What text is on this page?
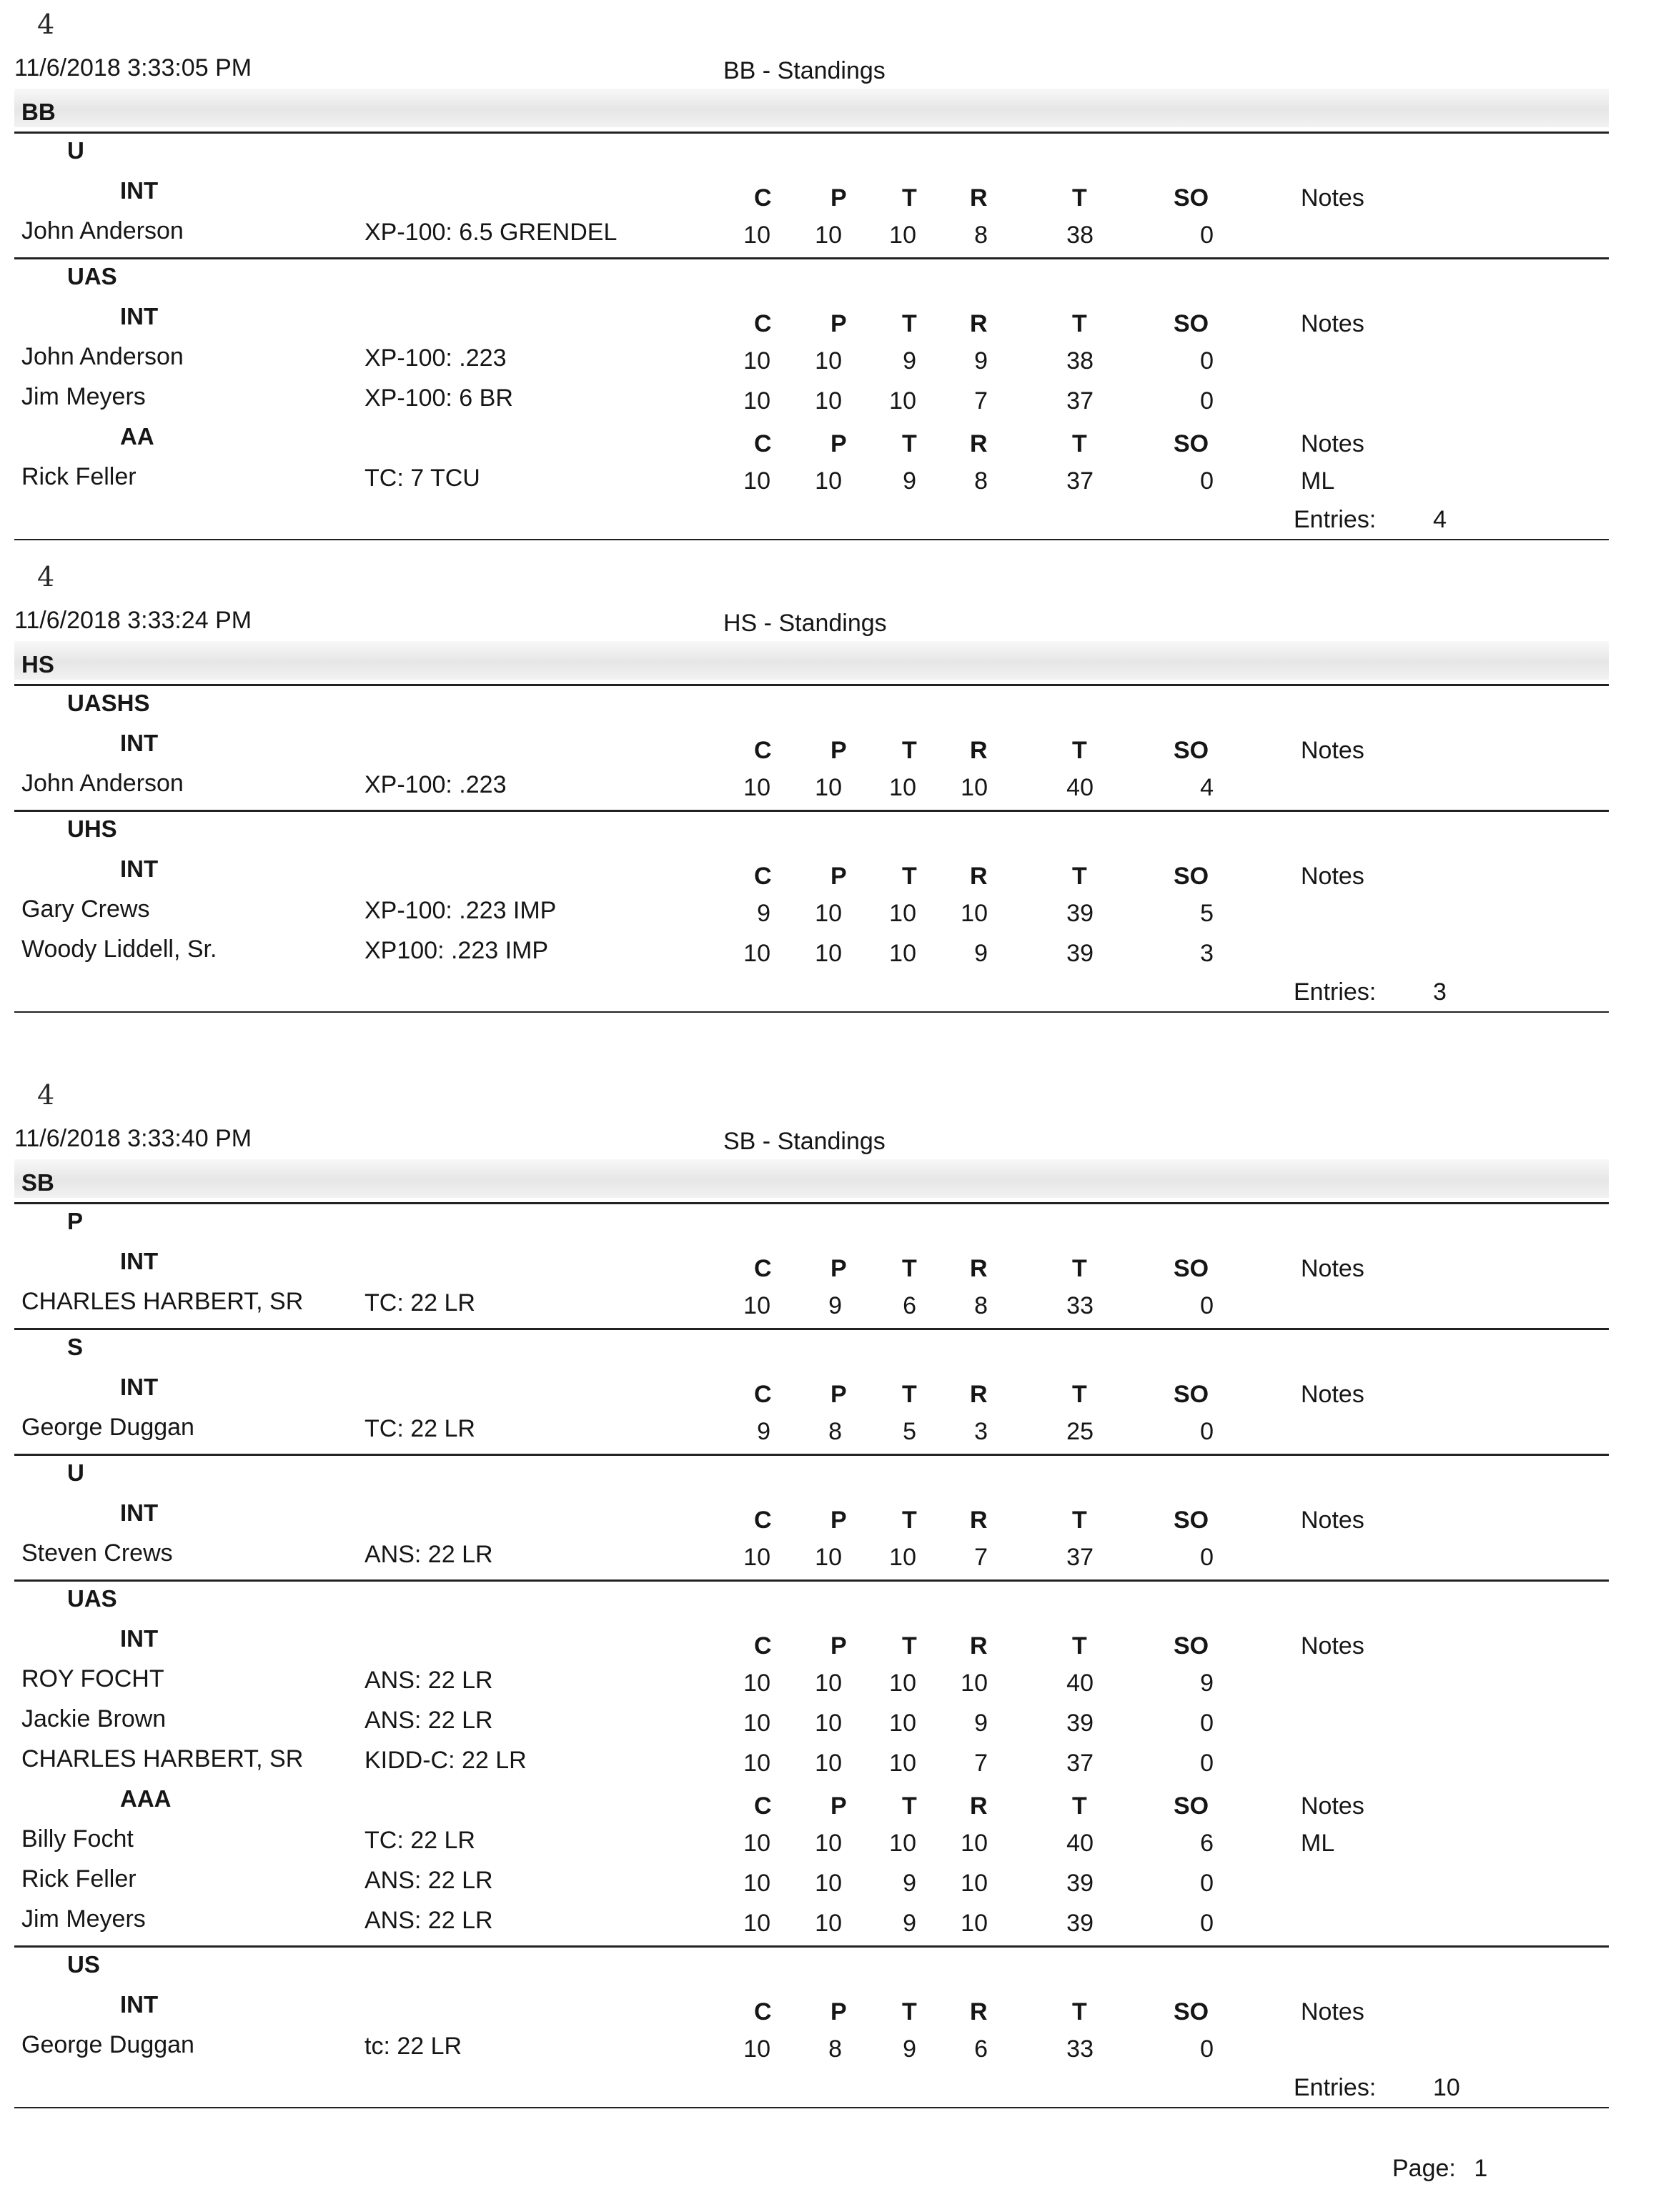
4
11/6/2018 3:33:05 PM	BB - Standings
BB
U
INT	C P T R	T	SO	Notes
John Anderson	XP-100: 6.5 GRENDEL	10	10	10	8	38	0
UAS
INT	C P T R	T	SO	Notes
John Anderson	XP-100: .223	10	10	9	9	38	0
Jim Meyers	XP-100: 6 BR	10	10	10	7	37	0
AA	C P T R	T	SO	Notes
Rick Feller	TC: 7 TCU	10	10	9	8	37	0	ML
Entries: 4
4
11/6/2018 3:33:24 PM	HS - Standings
HS
UASHS
INT	C P T R	T	SO	Notes
John Anderson	XP-100: .223	10	10	10	10	40	4
UHS
INT	C P T R	T	SO	Notes
Gary Crews	XP-100: .223 IMP	9	10	10	10	39	5
Woody Liddell, Sr.	XP100: .223 IMP	10	10	10	9	39	3
Entries: 3
4
11/6/2018 3:33:40 PM	SB - Standings
SB
P
INT	C P T R	T	SO	Notes
CHARLES HARBERT, SR	TC: 22 LR	10	9	6	8	33	0
S
INT	C P T R	T	SO	Notes
George Duggan	TC: 22 LR	9	8	5	3	25	0
U
INT	C P T R	T	SO	Notes
Steven Crews	ANS: 22 LR	10	10	10	7	37	0
UAS
INT	C P T R	T	SO	Notes
ROY FOCHT	ANS: 22 LR	10	10	10	10	40	9
Jackie Brown	ANS: 22 LR	10	10	10	9	39	0
CHARLES HARBERT, SR	KIDD-C: 22 LR	10	10	10	7	37	0
AAA	C P T R	T	SO	Notes
Billy Focht	TC: 22 LR	10	10	10	10	40	6	ML
Rick Feller	ANS: 22 LR	10	10	9	10	39	0
Jim Meyers	ANS: 22 LR	10	10	9	10	39	0
US
INT	C P T R	T	SO	Notes
George Duggan	tc: 22 LR	10	8	9	6	33	0
Entries: 10
Page: 1
